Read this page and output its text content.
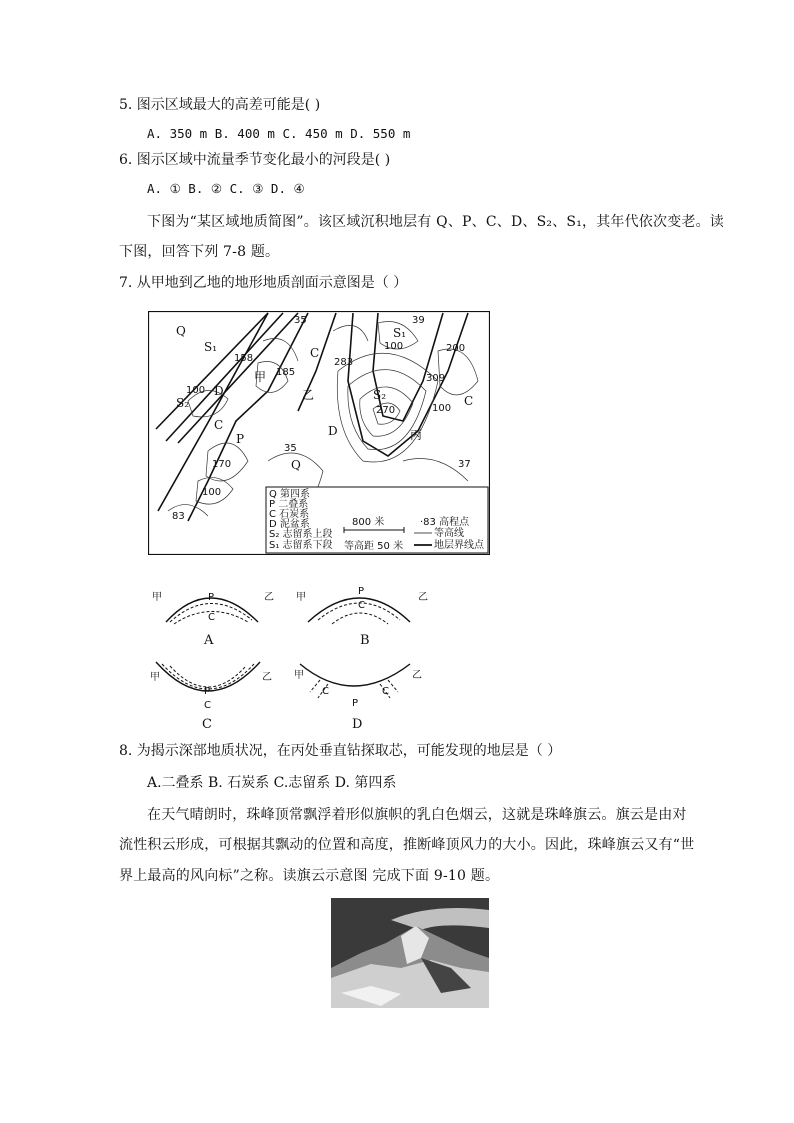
5. 图示区域最大的高差可能是( )
A. 350 m B. 400 m C. 450 m D. 550 m
6. 图示区域中流量季节变化最小的河段是( )
A. ① B. ② C. ③ D. ④
下图为“某区域地质简图”。该区域沉积地层有 Q、P、C、D、S₂、S₁，其年代依次变老。读
下图，回答下列 7-8 题。
7. 从甲地到乙地的地形地质剖面示意图是（ ）
Q 第四系
P 二叠系
C 石炭系
D 泥盆系
S₂ 志留系上段
S₁ 志留系下段
800 米
等高距 50 米
·83 高程点
等高线
地层界线点
Q
S₁
S₂
D
C
P
Q
D
C
C
S₁
S₂
甲
乙
丙
35
158
185
100
283
39
100	200
309
270	100
35
170
100
83
37
甲	乙
P
C
甲	乙
P
C
甲	乙
P
C
甲	乙
C	C
P
A	B
C	D
8. 为揭示深部地质状况，在丙处垂直钻探取芯，可能发现的地层是（ ）
A.二叠系 B. 石炭系 C.志留系 D. 第四系
在天气晴朗时，珠峰顶常飘浮着形似旗帜的乳白色烟云，这就是珠峰旗云。旗云是由对
流性积云形成，可根据其飘动的位置和高度，推断峰顶风力的大小。因此，珠峰旗云又有“世
界上最高的风向标”之称。读旗云示意图 完成下面 9-10 题。
